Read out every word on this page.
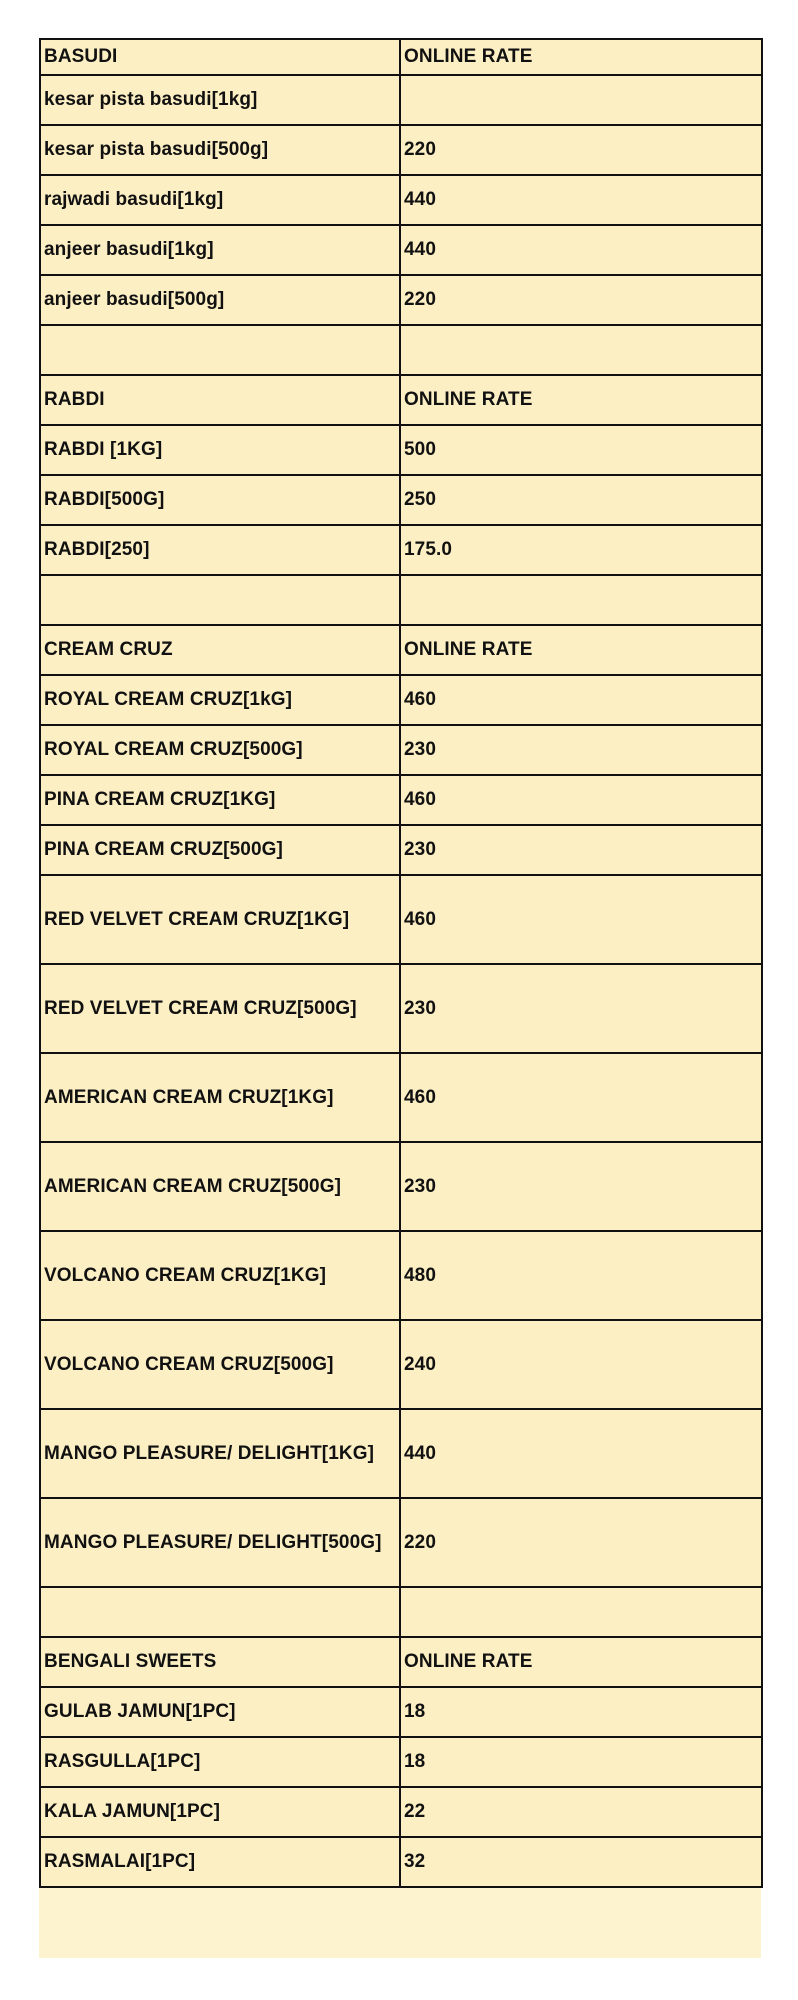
BASUDI	ONLINE RATE
kesar pista basudi[1kg]	
kesar pista basudi[500g]	220
rajwadi basudi[1kg]	440
anjeer basudi[1kg]	440
anjeer basudi[500g]	220

RABDI	ONLINE RATE
RABDI [1KG]	500
RABDI[500G]	250
RABDI[250]	175.0

CREAM CRUZ	ONLINE RATE
ROYAL CREAM CRUZ[1kG]	460
ROYAL CREAM CRUZ[500G]	230
PINA CREAM CRUZ[1KG]	460
PINA CREAM CRUZ[500G]	230
RED VELVET CREAM CRUZ[1KG]	460
RED VELVET CREAM CRUZ[500G]	230
AMERICAN CREAM CRUZ[1KG]	460
AMERICAN CREAM CRUZ[500G]	230
VOLCANO CREAM CRUZ[1KG]	480
VOLCANO CREAM CRUZ[500G]	240
MANGO PLEASURE/ DELIGHT[1KG]	440
MANGO PLEASURE/ DELIGHT[500G]	220

BENGALI SWEETS	ONLINE RATE
GULAB JAMUN[1PC]	18
RASGULLA[1PC]	18
KALA JAMUN[1PC]	22
RASMALAI[1PC]	32
